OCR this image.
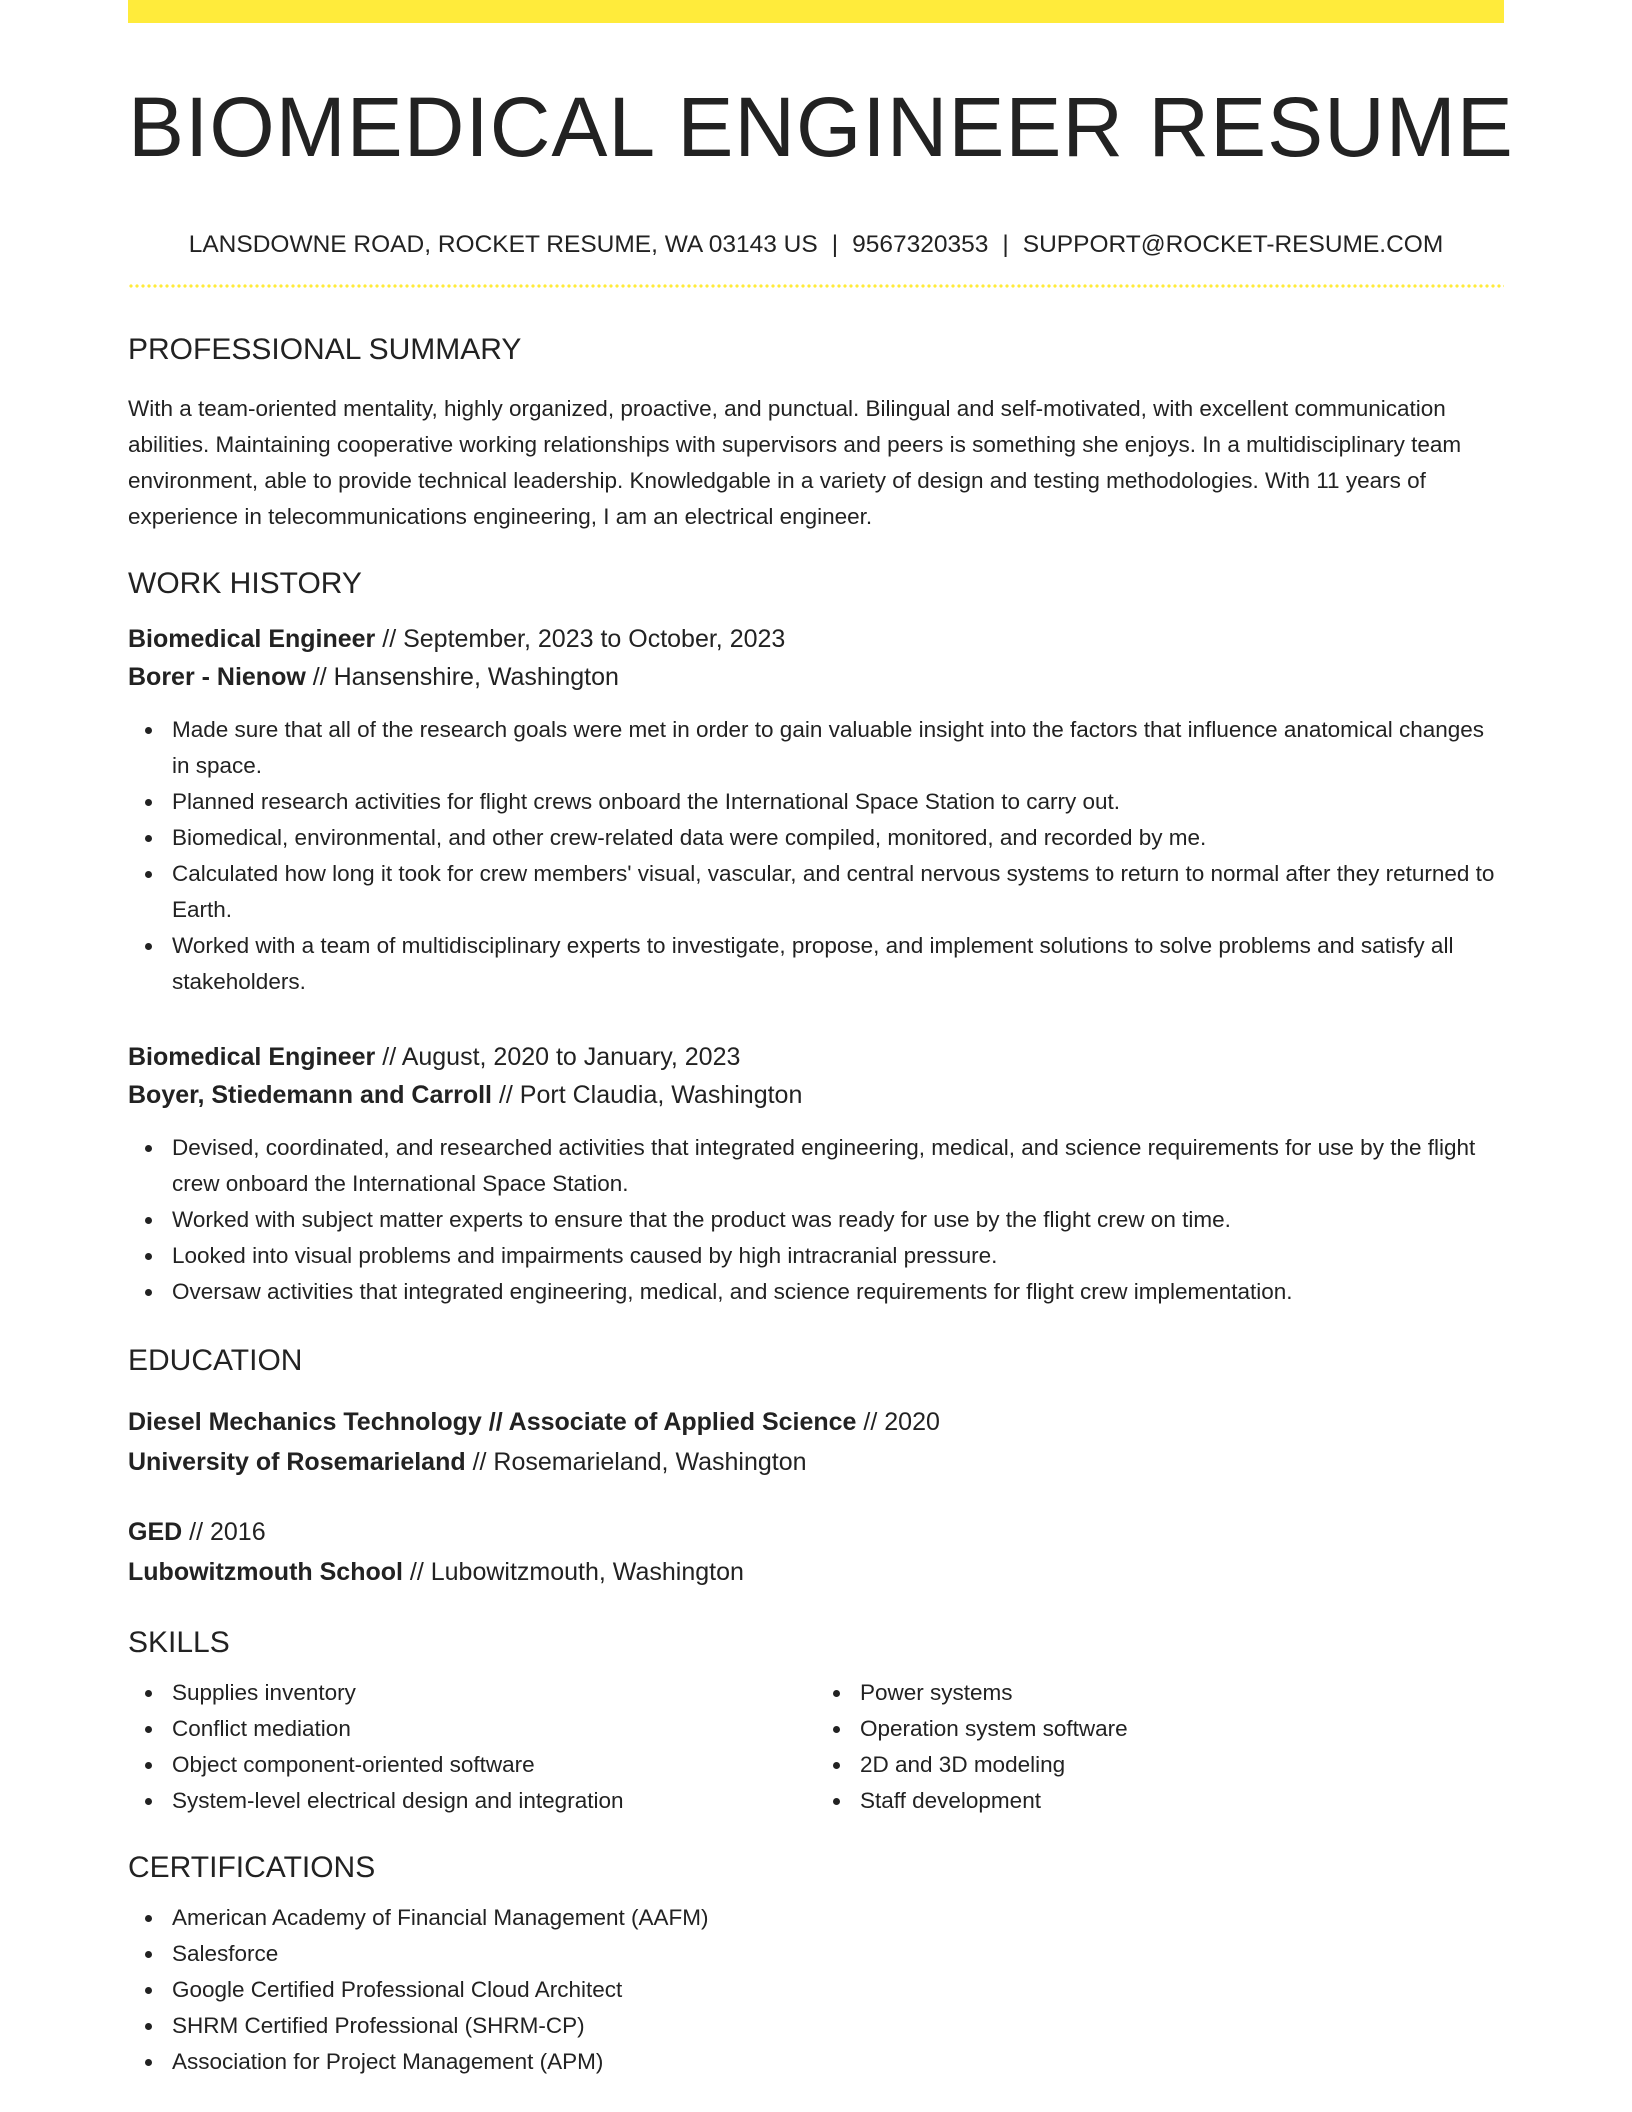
BIOMEDICAL ENGINEER RESUME
LANSDOWNE ROAD, ROCKET RESUME, WA 03143 US | 9567320353 | SUPPORT@ROCKET-RESUME.COM
PROFESSIONAL SUMMARY

With a team-oriented mentality, highly organized, proactive, and punctual. Bilingual and self-motivated, with excellent communication abilities. Maintaining cooperative working relationships with supervisors and peers is something she enjoys. In a multidisciplinary team environment, able to provide technical leadership. Knowledgable in a variety of design and testing methodologies. With 11 years of experience in telecommunications engineering, I am an electrical engineer.

WORK HISTORY
Biomedical Engineer // September, 2023 to October, 2023
Borer - Nienow // Hansenshire, Washington
Made sure that all of the research goals were met in order to gain valuable insight into the factors that influence anatomical changes in space.
Planned research activities for flight crews onboard the International Space Station to carry out.
Biomedical, environmental, and other crew-related data were compiled, monitored, and recorded by me.
Calculated how long it took for crew members' visual, vascular, and central nervous systems to return to normal after they returned to Earth.
Worked with a team of multidisciplinary experts to investigate, propose, and implement solutions to solve problems and satisfy all stakeholders.
Biomedical Engineer // August, 2020 to January, 2023
Boyer, Stiedemann and Carroll // Port Claudia, Washington
Devised, coordinated, and researched activities that integrated engineering, medical, and science requirements for use by the flight crew onboard the International Space Station.
Worked with subject matter experts to ensure that the product was ready for use by the flight crew on time.
Looked into visual problems and impairments caused by high intracranial pressure.
Oversaw activities that integrated engineering, medical, and science requirements for flight crew implementation.
EDUCATION
Diesel Mechanics Technology // Associate of Applied Science // 2020
University of Rosemarieland // Rosemarieland, Washington
GED // 2016
Lubowitzmouth School // Lubowitzmouth, Washington
SKILLS
Supplies inventory
Conflict mediation
Object component-oriented software
System-level electrical design and integration
Power systems
Operation system software
2D and 3D modeling
Staff development
CERTIFICATIONS
American Academy of Financial Management (AAFM)
Salesforce
Google Certified Professional Cloud Architect
SHRM Certified Professional (SHRM-CP)
Association for Project Management (APM)
